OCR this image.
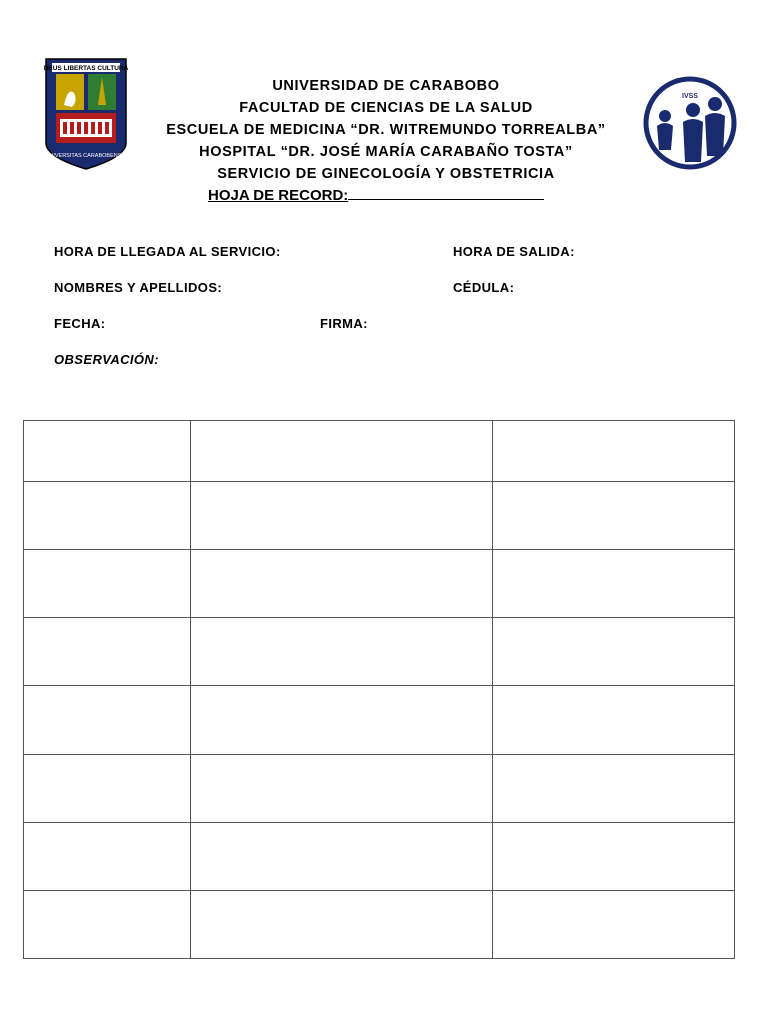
DEUS LIBERTAS CULTURA
UNIVERSITAS CARABOBENSIS
IVSS
UNIVERSIDAD DE CARABOBO
FACULTAD DE CIENCIAS DE LA SALUD
ESCUELA DE MEDICINA “DR. WITREMUNDO TORREALBA”
HOSPITAL “DR. JOSÉ MARÍA CARABAÑO TOSTA”
SERVICIO DE GINECOLOGÍA Y OBSTETRICIA
HOJA DE RECORD:
HORA DE LLEGADA AL SERVICIO:	HORA DE SALIDA:
NOMBRES Y APELLIDOS:	CÉDULA:
FECHA:	FIRMA:
OBSERVACIÓN:
